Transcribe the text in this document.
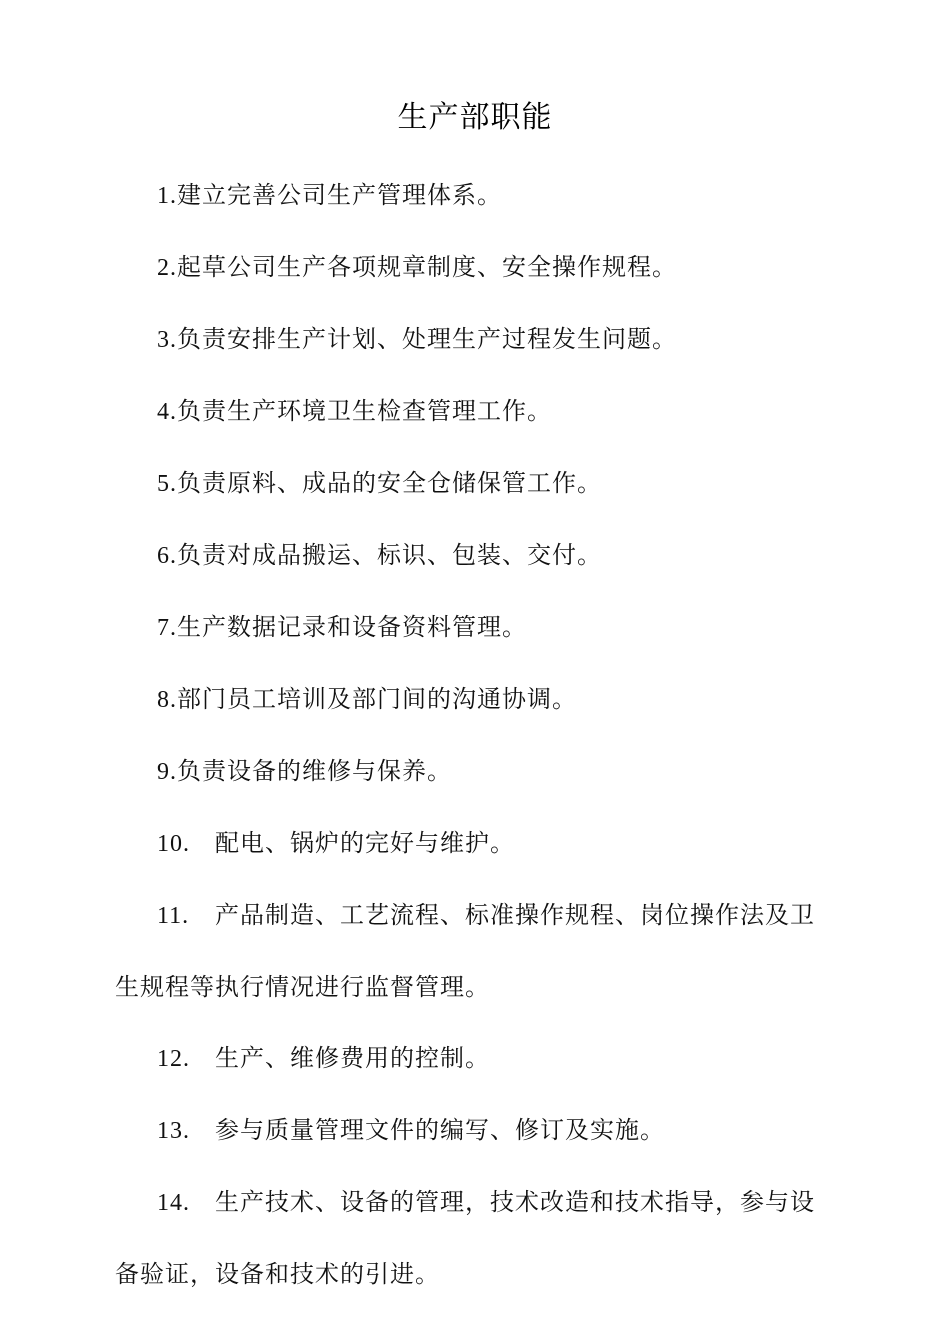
生产部职能
1.建立完善公司生产管理体系。
2.起草公司生产各项规章制度、安全操作规程。
3.负责安排生产计划、处理生产过程发生问题。
4.负责生产环境卫生检查管理工作。
5.负责原料、成品的安全仓储保管工作。
6.负责对成品搬运、标识、包装、交付。
7.生产数据记录和设备资料管理。
8.部门员工培训及部门间的沟通协调。
9.负责设备的维修与保养。
10. 配电、锅炉的完好与维护。
11. 产品制造、工艺流程、标准操作规程、岗位操作法及卫生规程等执行情况进行监督管理。
12. 生产、维修费用的控制。
13. 参与质量管理文件的编写、修订及实施。
14. 生产技术、设备的管理，技术改造和技术指导，参与设备验证，设备和技术的引进。
